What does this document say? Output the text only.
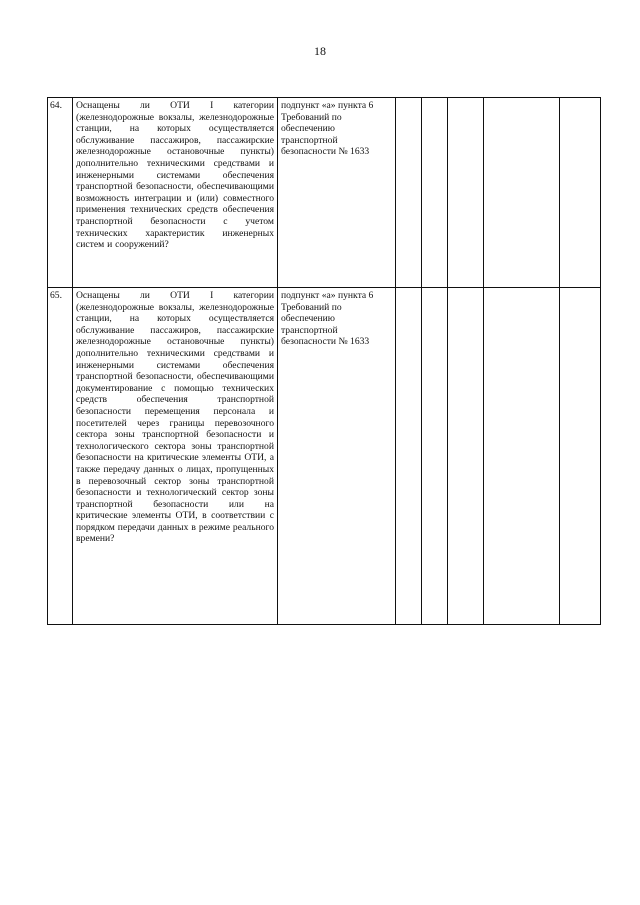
18
64.	Оснащены ли ОТИ I категории (железнодорожные вокзалы, железнодорожные станции, на которых осуществляется обслуживание пассажиров, пассажирские железнодорожные остановочные пункты) дополнительно техническими средствами и инженерными системами обеспечения транспортной безопасности, обеспечивающими возможность интеграции и (или) совместного применения технических средств обеспечения транспортной безопасности с учетом технических характеристик инженерных систем и сооружений?	подпункт «а» пункта 6 Требований по обеспечению транспортной безопасности № 1633					
65.	Оснащены ли ОТИ I категории (железнодорожные вокзалы, железнодорожные станции, на которых осуществляется обслуживание пассажиров, пассажирские железнодорожные остановочные пункты) дополнительно техническими средствами и инженерными системами обеспечения транспортной безопасности, обеспечивающими документирование с помощью технических средств обеспечения транспортной безопасности перемещения персонала и посетителей через границы перевозочного сектора зоны транспортной безопасности и технологического сектора зоны транспортной безопасности на критические элементы ОТИ, а также передачу данных о лицах, пропущенных в перевозочный сектор зоны транспортной безопасности и технологический сектор зоны транспортной безопасности или на критические элементы ОТИ, в соответствии с порядком передачи данных в режиме реального времени?	подпункт «а» пункта 6 Требований по обеспечению транспортной безопасности № 1633					
